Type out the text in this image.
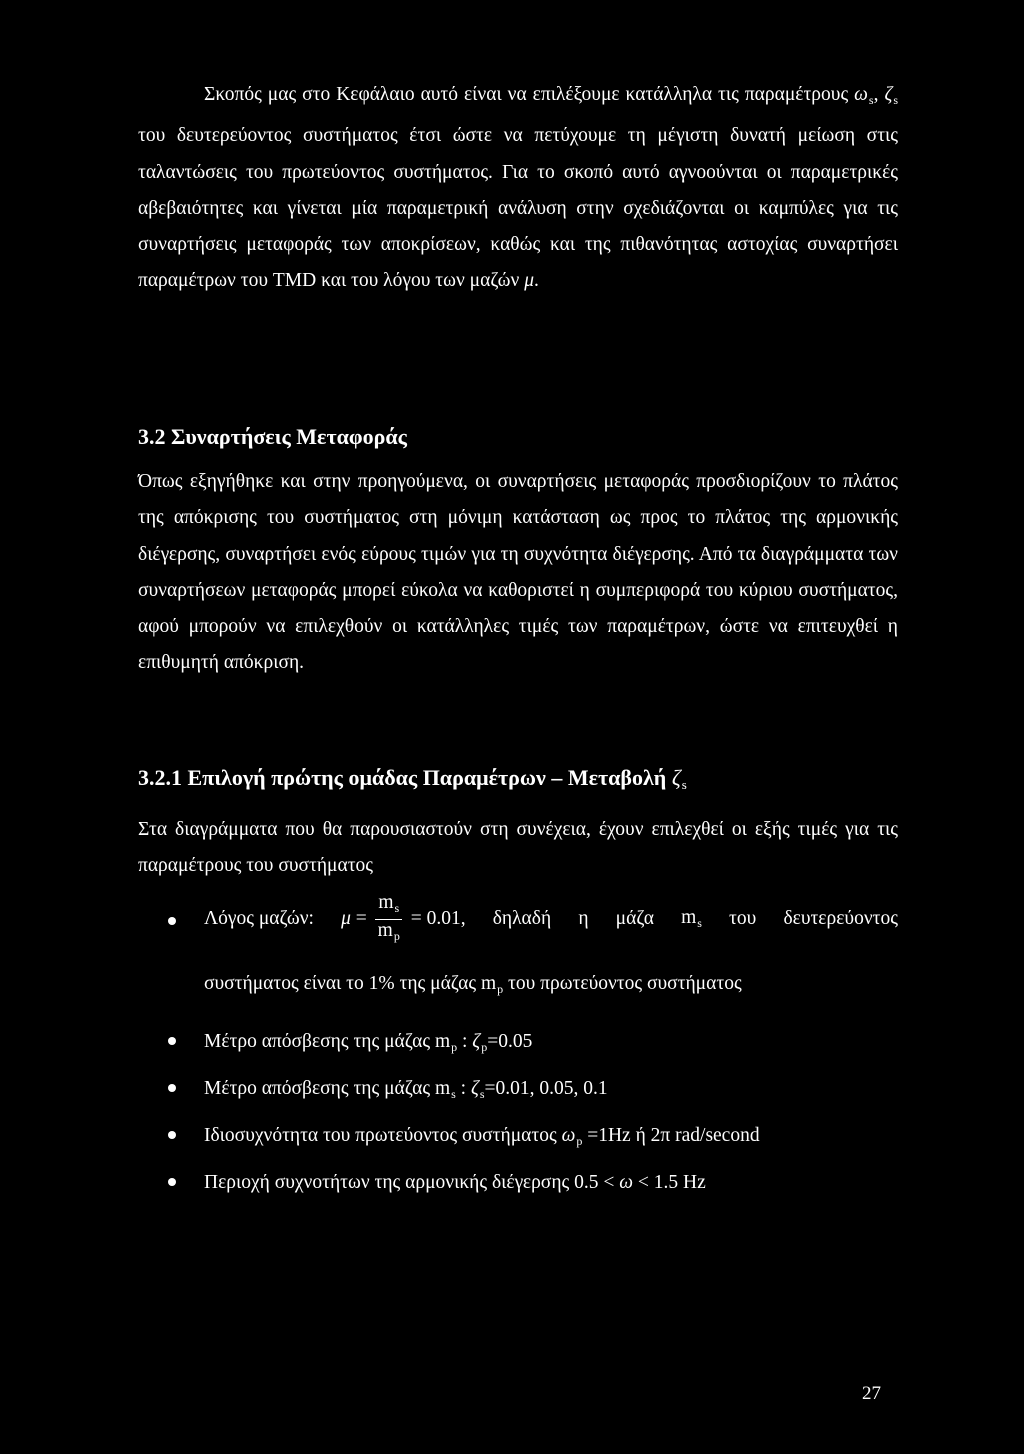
Σκοπός μας στο Κεφάλαιο αυτό είναι να επιλέξουμε κατάλληλα τις παραμέτρους $\omega_s$, $\zeta_s$ του δευτερεύοντος συστήματος έτσι ώστε να πετύχουμε τη μέγιστη δυνατή μείωση στις ταλαντώσεις του πρωτεύοντος συστήματος. Για το σκοπό αυτό αγνοούνται οι παραμετρικές αβεβαιότητες και γίνεται μία παραμετρική ανάλυση στην σχεδιάζονται οι καμπύλες για τις συναρτήσεις μεταφοράς των αποκρίσεων, καθώς και της πιθανότητας αστοχίας συναρτήσει παραμέτρων του TMD και του λόγου των μαζών μ.

3.2 Συναρτήσεις Μεταφοράς

Όπως εξηγήθηκε και στην προηγούμενα, οι συναρτήσεις μεταφοράς προσδιορίζουν το πλάτος της απόκρισης του συστήματος στη μόνιμη κατάσταση ως προς το πλάτος της αρμονικής διέγερσης, συναρτήσει ενός εύρους τιμών για τη συχνότητα διέγερσης. Από τα διαγράμματα των συναρτήσεων μεταφοράς μπορεί εύκολα να καθοριστεί η συμπεριφορά του κύριου συστήματος, αφού μπορούν να επιλεχθούν οι κατάλληλες τιμές των παραμέτρων, ώστε να επιτευχθεί η επιθυμητή απόκριση.

3.2.1 Επιλογή πρώτης ομάδας Παραμέτρων – Μεταβολή $\zeta_s$

Στα διαγράμματα που θα παρουσιαστούν στη συνέχεια, έχουν επιλεχθεί οι εξής τιμές για τις παραμέτρους του συστήματος

Λόγος μαζών: $\mu = \frac{m_s}{m_p} = 0.01$, δηλαδή η μάζα $m_s$ του δευτερεύοντος
συστήματος είναι το 1% της μάζας $m_p$ του πρωτεύοντος συστήματος
Μέτρο απόσβεσης της μάζας $m_p$ : $\zeta_p=0.05$
Μέτρο απόσβεσης της μάζας $m_s$ : $\zeta_s=0.01$, 0.05, 0.1
Ιδιοσυχνότητα του πρωτεύοντος συστήματος $\omega_p =1Hz$ ή 2π rad/second
Περιοχή συχνοτήτων της αρμονικής διέγερσης 0.5 < ω < 1.5 Hz
27
